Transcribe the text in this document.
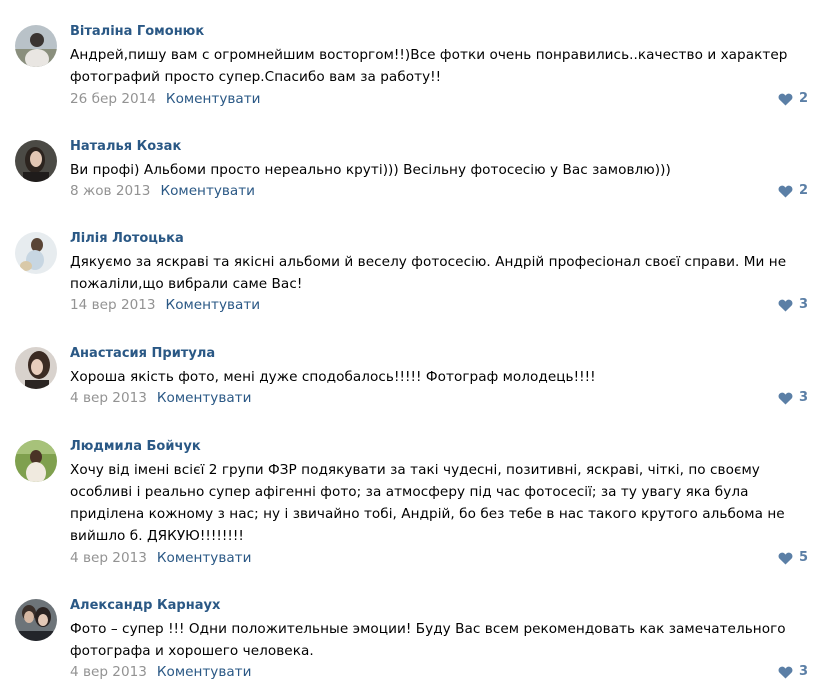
Віталіна Гомонюк
Андрей,пишу вам с огромнейшим восторгом!!)Все фотки очень понравились..качество и характер фотографий просто супер.Спасибо вам за работу!!
26 бер 2014 Коментувати	2
Наталья Козак
Ви профі) Альбоми просто нереально круті))) Весільну фотосесію у Вас замовлю)))
8 жов 2013 Коментувати	2
Лілія Лотоцька
Дякуємо за яскраві та якісні альбоми й веселу фотосесію. Андрій професіонал своєї справи. Ми не пожаліли,що вибрали саме Вас!
14 вер 2013 Коментувати	3
Анастасия Притула
Хороша якість фото, мені дуже сподобалось!!!!! Фотограф молодець!!!!
4 вер 2013 Коментувати	3
Людмила Бойчук
Хочу від імені всієї 2 групи ФЗР подякувати за такі чудесні, позитивні, яскраві, чіткі, по своєму особливі і реально супер афігенні фото; за атмосферу під час фотосесії; за ту увагу яка була приділена кожному з нас; ну і звичайно тобі, Андрій, бо без тебе в нас такого крутого альбома не вийшло б. ДЯКУЮ!!!!!!!!
4 вер 2013 Коментувати	5
Александр Карнаух
Фото – супер !!! Одни положительные эмоции! Буду Вас всем рекомендовать как замечательного фотографа и хорошего человека.
4 вер 2013 Коментувати	3
